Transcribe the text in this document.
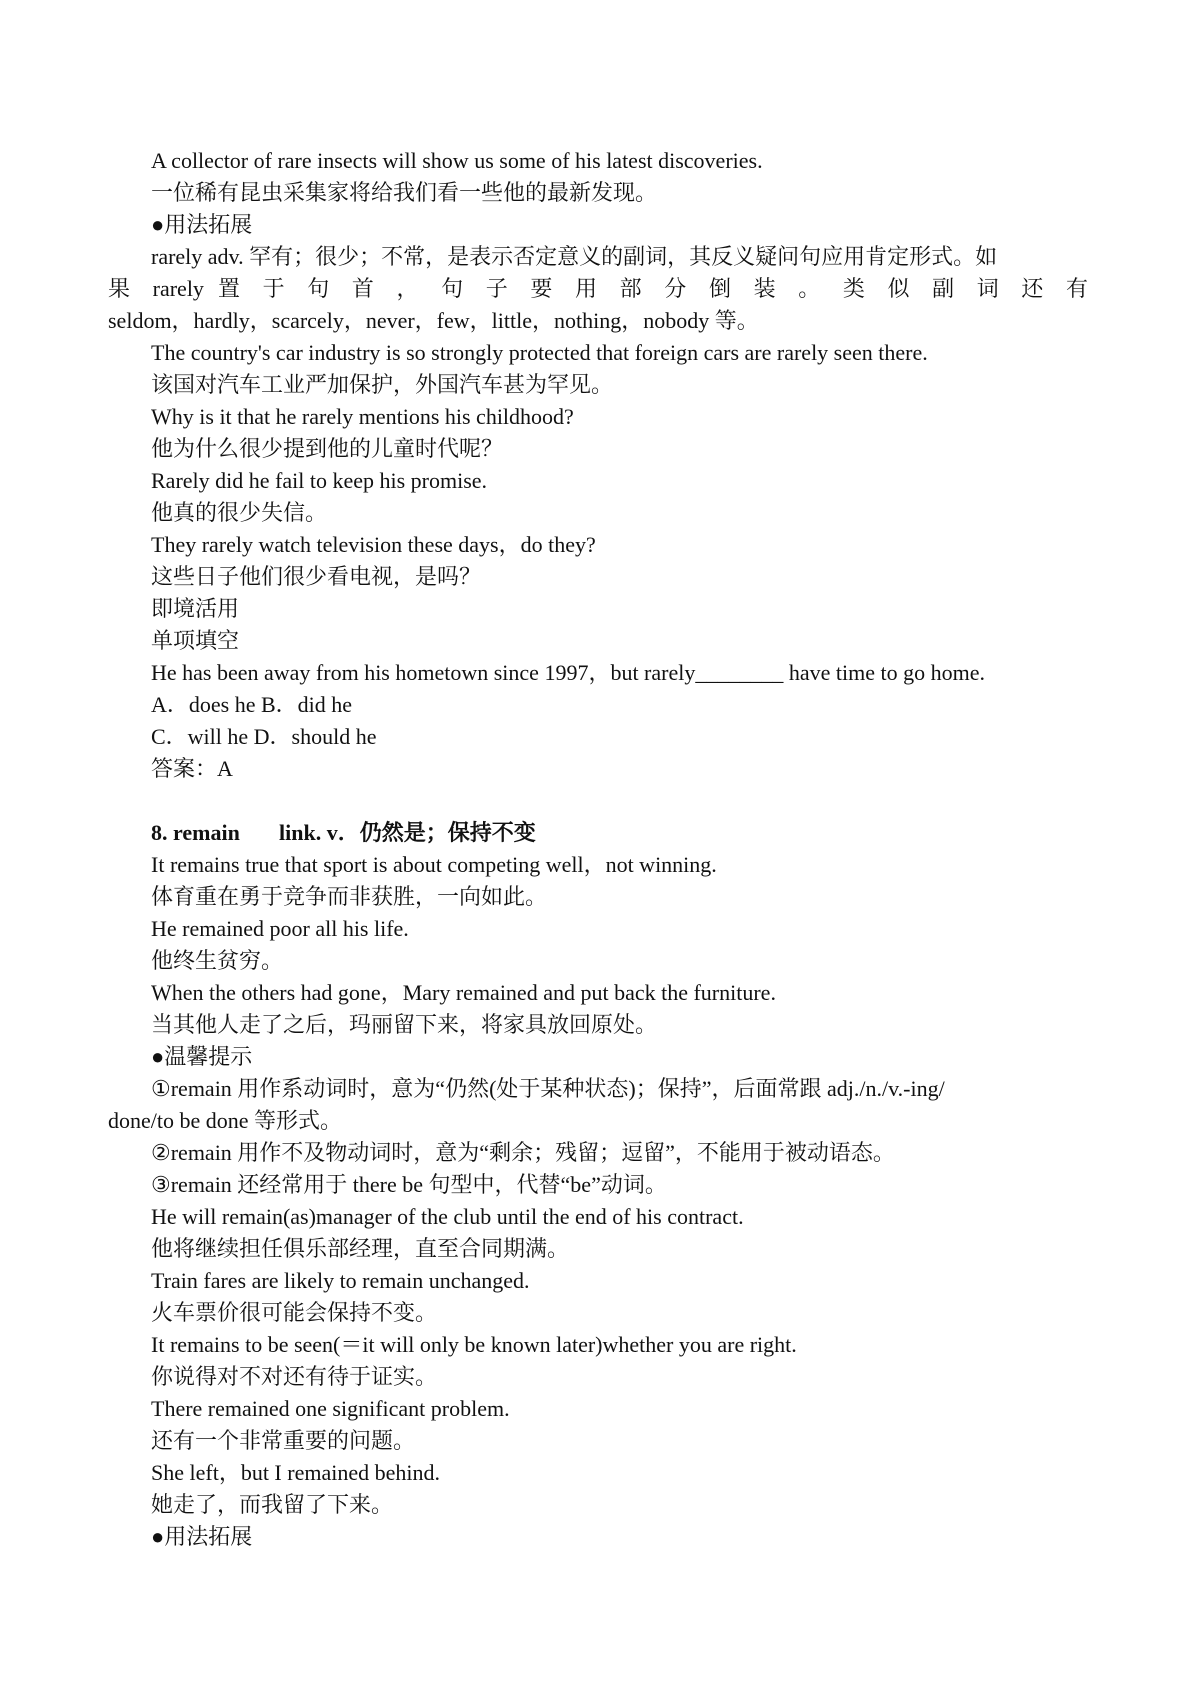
A collector of rare insects will show us some of his latest discoveries.
一位稀有昆虫采集家将给我们看一些他的最新发现。
●用法拓展
rarely adv. 罕有；很少；不常，是表示否定意义的副词，其反义疑问句应用肯定形式。如
果 rarely 置 于 句 首 ， 句 子 要 用 部 分 倒 装 。 类 似 副 词 还 有
seldom，hardly，scarcely，never，few，little，nothing，nobody 等。
The country's car industry is so strongly protected that foreign cars are rarely seen there.
该国对汽车工业严加保护，外国汽车甚为罕见。
Why is it that he rarely mentions his childhood?
他为什么很少提到他的儿童时代呢？
Rarely did he fail to keep his promise.
他真的很少失信。
They rarely watch television these days，do they?
这些日子他们很少看电视，是吗？
即境活用
单项填空
He has been away from his hometown since 1997，but rarely________ have time to go home.
A．does he B．did he
C．will he D．should he
答案：A
8. remain link. v．仍然是；保持不变
It remains true that sport is about competing well，not winning.
体育重在勇于竞争而非获胜，一向如此。
He remained poor all his life.
他终生贫穷。
When the others had gone，Mary remained and put back the furniture.
当其他人走了之后，玛丽留下来，将家具放回原处。
●温馨提示
①remain 用作系动词时，意为“仍然(处于某种状态)；保持”，后面常跟 adj./n./v.-ing/
done/to be done 等形式。
②remain 用作不及物动词时，意为“剩余；残留；逗留”，不能用于被动语态。
③remain 还经常用于 there be 句型中，代替“be”动词。
He will remain(as)manager of the club until the end of his contract.
他将继续担任俱乐部经理，直至合同期满。
Train fares are likely to remain unchanged.
火车票价很可能会保持不变。
It remains to be seen(＝it will only be known later)whether you are right.
你说得对不对还有待于证实。
There remained one significant problem.
还有一个非常重要的问题。
She left，but I remained behind.
她走了，而我留了下来。
●用法拓展
